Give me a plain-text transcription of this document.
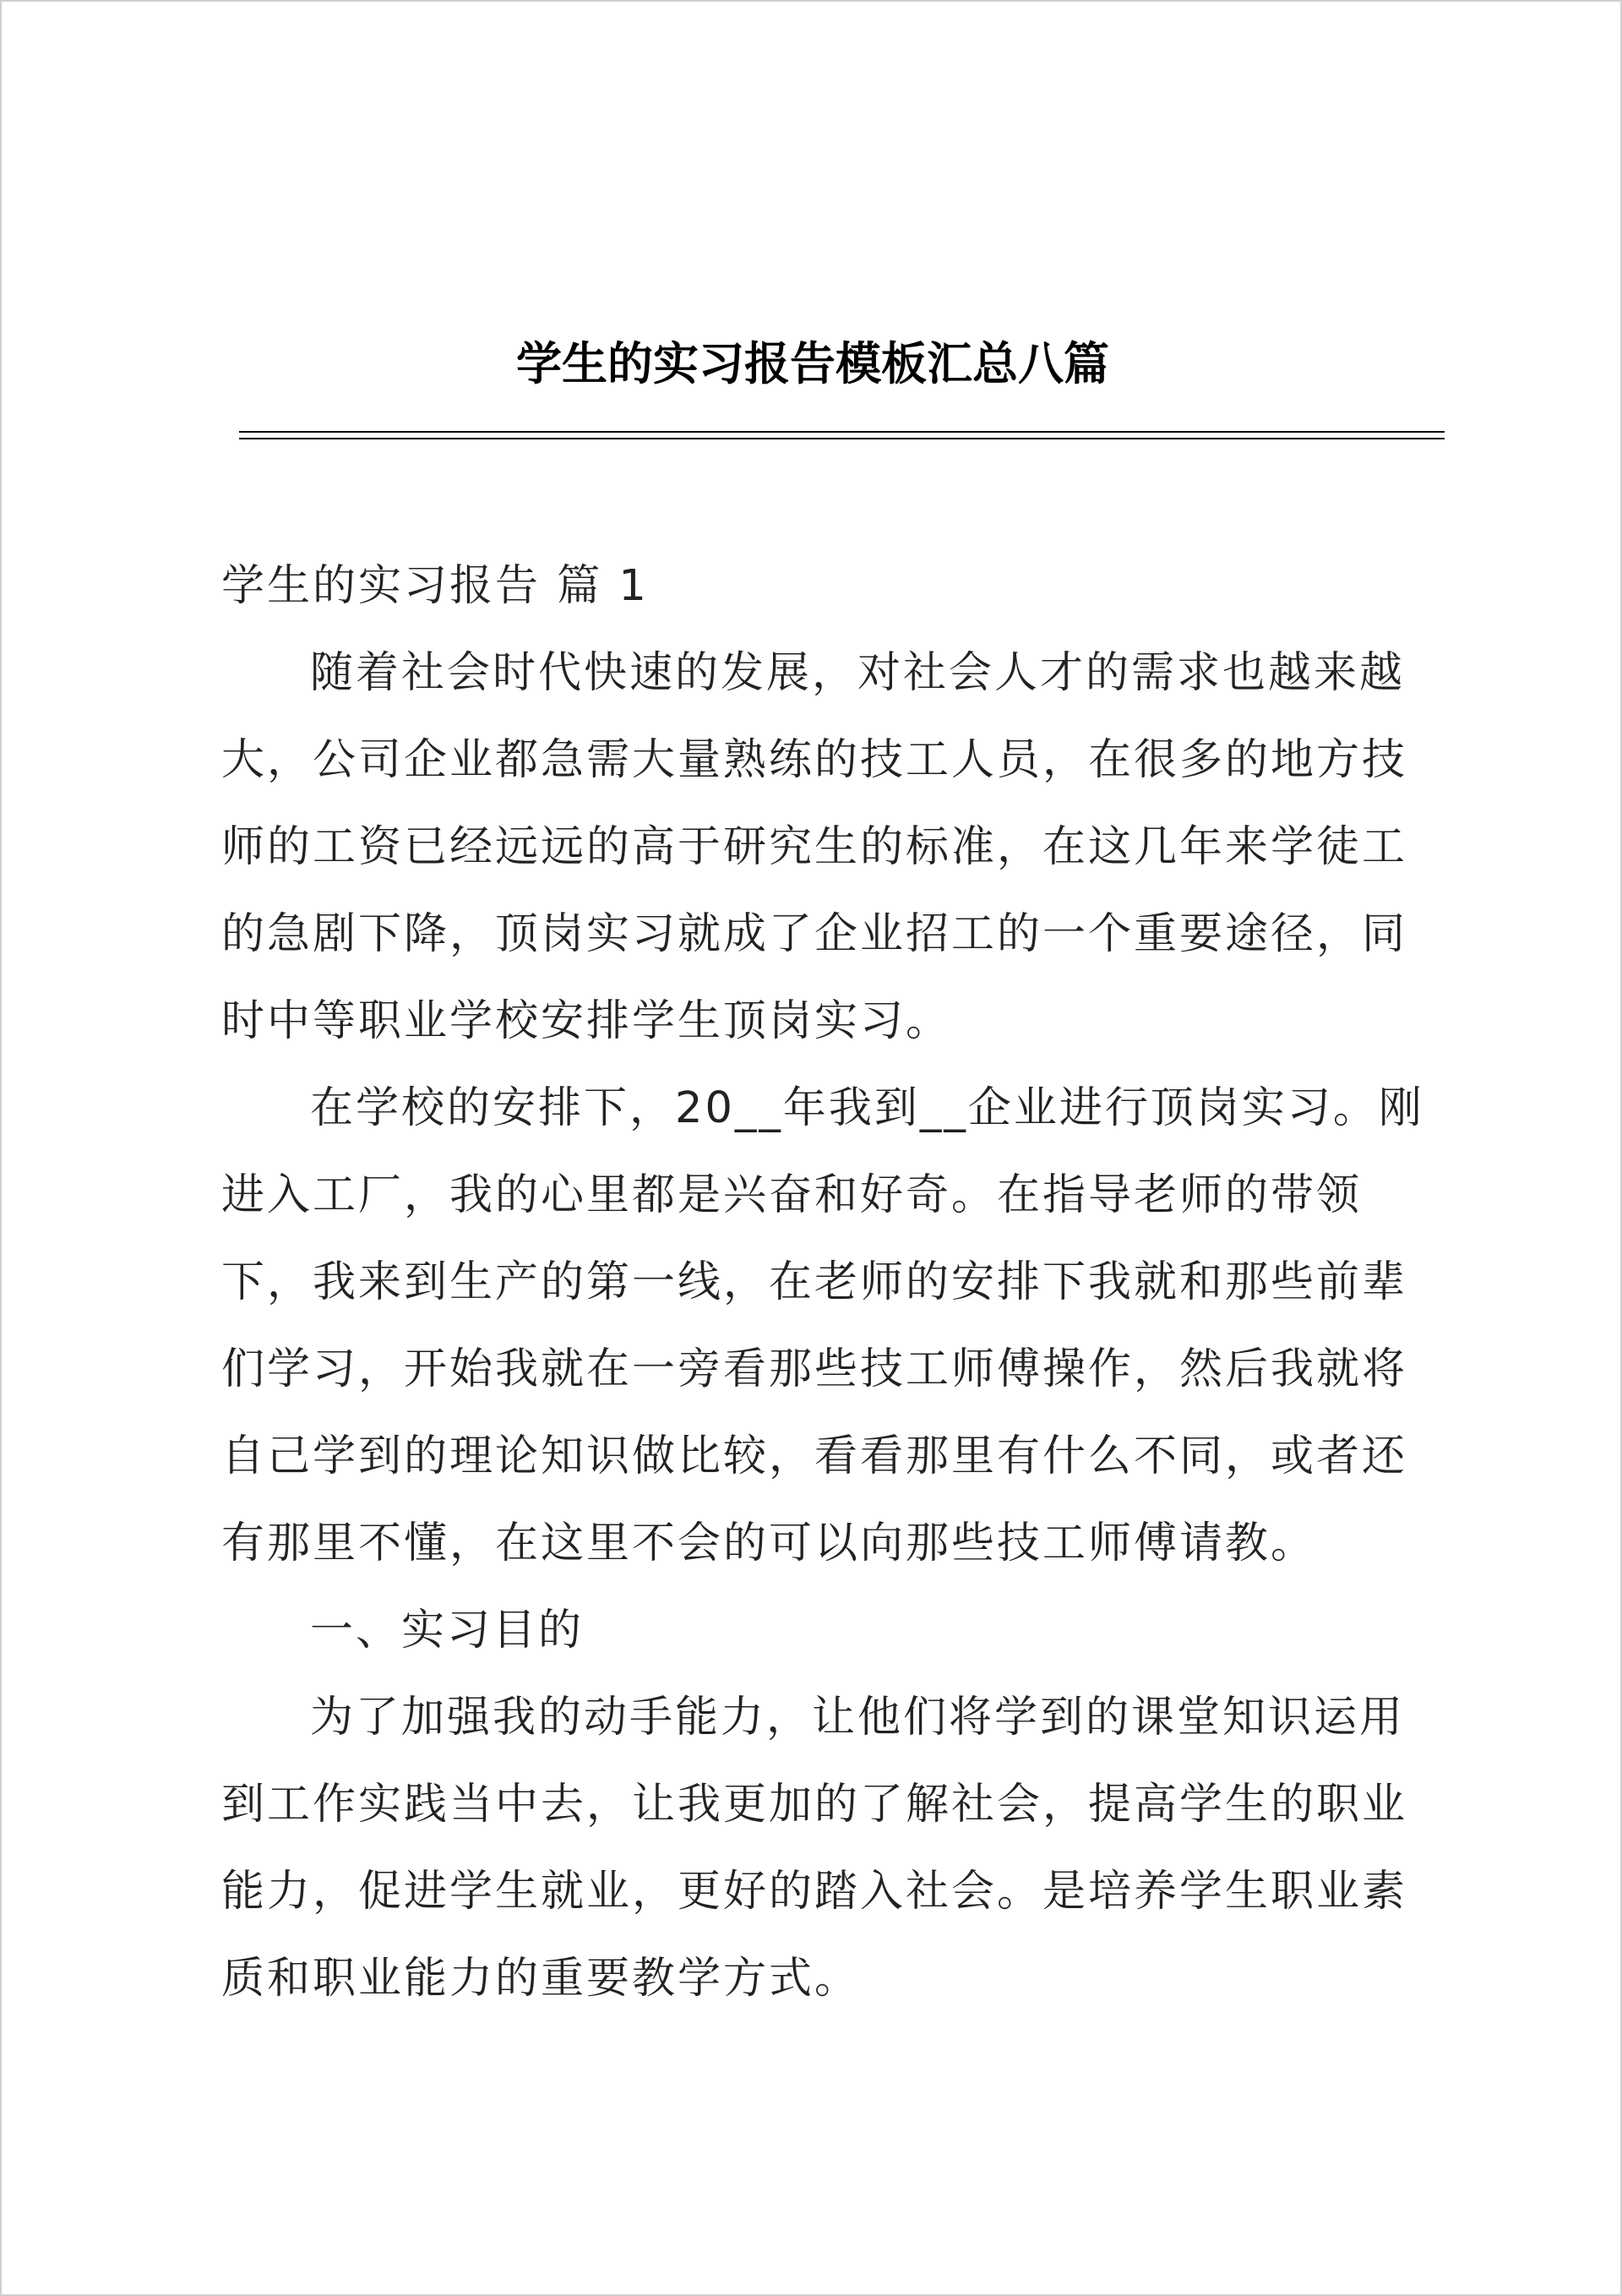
学生的实习报告模板汇总八篇

学生的实习报告 篇 1

随着社会时代快速的发展，对社会人才的需求也越来越大，公司企业都急需大量熟练的技工人员，在很多的地方技师的工资已经远远的高于研究生的标准，在这几年来学徒工的急剧下降，顶岗实习就成了企业招工的一个重要途径，同时中等职业学校安排学生顶岗实习。

在学校的安排下，20__年我到__企业进行顶岗实习。刚进入工厂，我的心里都是兴奋和好奇。在指导老师的带领下，我来到生产的第一线，在老师的安排下我就和那些前辈们学习，开始我就在一旁看那些技工师傅操作，然后我就将自己学到的理论知识做比较，看看那里有什么不同，或者还有那里不懂，在这里不会的可以向那些技工师傅请教。

一、实习目的

为了加强我的动手能力，让他们将学到的课堂知识运用到工作实践当中去，让我更加的了解社会，提高学生的职业能力，促进学生就业，更好的踏入社会。是培养学生职业素质和职业能力的重要教学方式。
